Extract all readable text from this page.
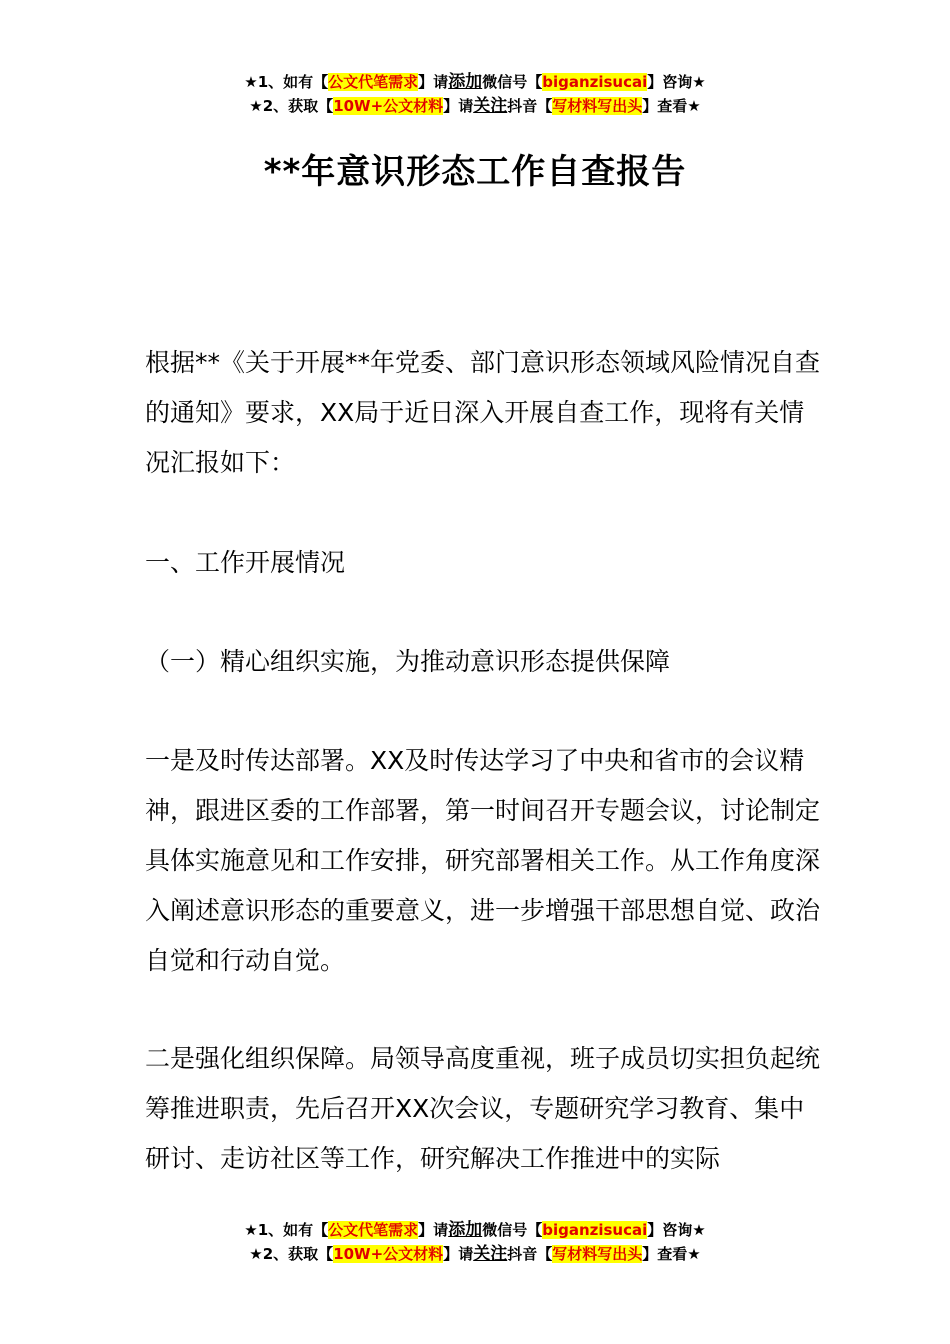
★1、如有【公文代笔需求】请添加微信号【biganzisucai】咨询★
★2、获取【10W+公文材料】请关注抖音【写材料写出头】查看★
**年意识形态工作自查报告

根据**《关于开展**年党委、部门意识形态领域风险情况自查的通知》要求，XX局于近日深入开展自查工作，现将有关情况汇报如下：

一、工作开展情况

（一）精心组织实施，为推动意识形态提供保障

一是及时传达部署。XX及时传达学习了中央和省市的会议精神，跟进区委的工作部署，第一时间召开专题会议，讨论制定具体实施意见和工作安排，研究部署相关工作。从工作角度深入阐述意识形态的重要意义，进一步增强干部思想自觉、政治自觉和行动自觉。

二是强化组织保障。局领导高度重视，班子成员切实担负起统筹推进职责，先后召开XX次会议，专题研究学习教育、集中研讨、走访社区等工作，研究解决工作推进中的实际

★1、如有【公文代笔需求】请添加微信号【biganzisucai】咨询★
★2、获取【10W+公文材料】请关注抖音【写材料写出头】查看★
